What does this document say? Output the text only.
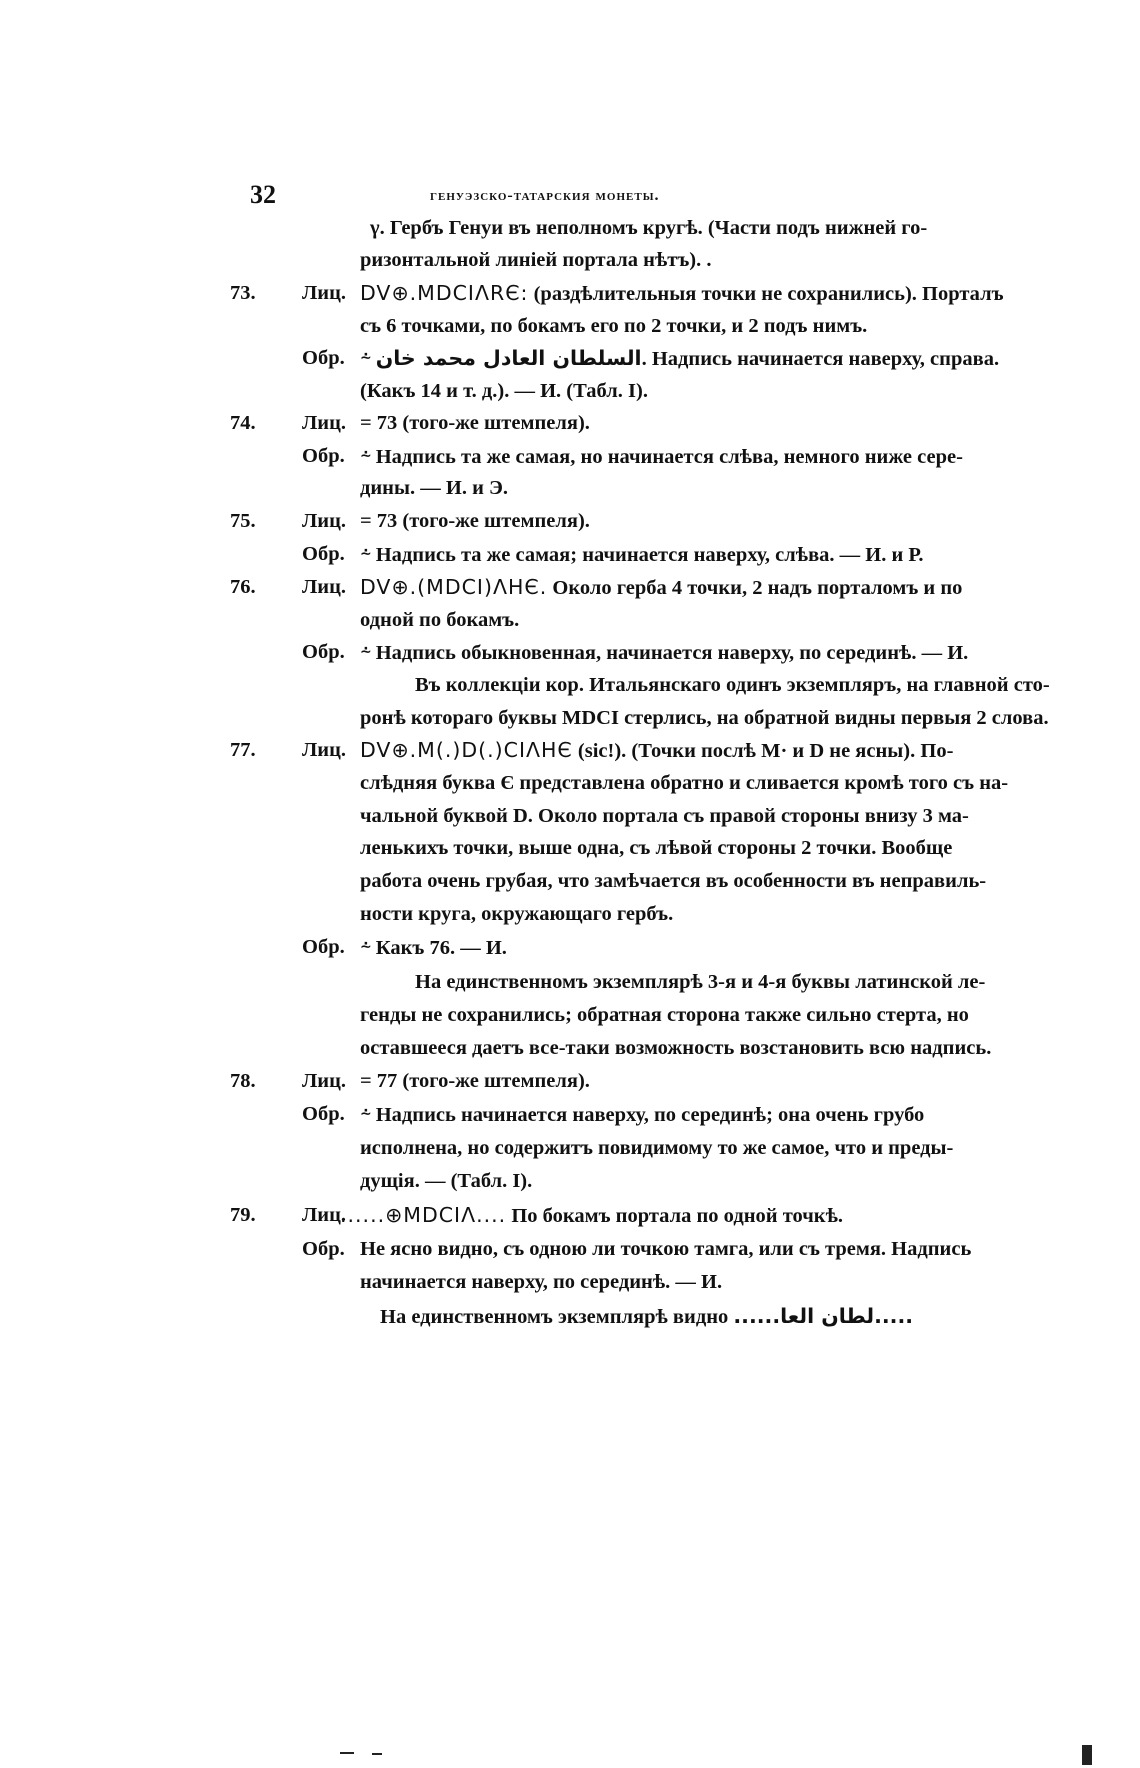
32	генуэзско-татарския монеты.
γ. Гербъ Генуи въ неполномъ кругѣ. (Части подъ нижней го-
ризонтальной линіей портала нѣтъ). .
73.	Лиц. DV⊕.MDCIΛRЄ: (раздѣлительныя точки не сохранились). Порталъ
съ 6 точками, по бокамъ его по 2 точки, и 2 подъ нимъ.
Обр. ⩪ السلطان العادل محمد خان. Надпись начинается наверху, справа.
(Какъ 14 и т. д.). — И. (Табл. I).
74.	Лиц. = 73 (того-же штемпеля).
Обр. ⩪ Надпись та же самая, но начинается слѣва, немного ниже сере-
дины. — И. и Э.
75.	Лиц. = 73 (того-же штемпеля).
Обр. ⩪ Надпись та же самая; начинается наверху, слѣва. — И. и Р.
76.	Лиц. DV⊕.(MDCI)ΛHЄ. Около герба 4 точки, 2 надъ порталомъ и по
одной по бокамъ.
Обр. ⩪ Надпись обыкновенная, начинается наверху, по серединѣ. — И.
Въ коллекціи кор. Итальянскаго одинъ экземпляръ, на главной сто-
ронѣ котораго буквы MDCI стерлись, на обратной видны первыя 2 слова.
77.	Лиц. DV⊕.M(.)D(.)CIΛHЄ (sic!). (Точки послѣ M· и D не ясны). По-
слѣдняя буква Є представлена обратно и сливается кромѣ того съ на-
чальной буквой D. Около портала съ правой стороны внизу 3 ма-
ленькихъ точки, выше одна, съ лѣвой стороны 2 точки. Вообще
работа очень грубая, что замѣчается въ особенности въ неправиль-
ности круга, окружающаго гербъ.
Обр. ⩪ Какъ 76. — И.
На единственномъ экземплярѣ 3-я и 4-я буквы латинской ле-
генды не сохранились; обратная сторона также сильно стерта, но
оставшееся даетъ все-таки возможность возстановить всю надпись.
78.	Лиц. = 77 (того-же штемпеля).
Обр. ⩪ Надпись начинается наверху, по серединѣ; она очень грубо
исполнена, но содержитъ повидимому то же самое, что и преды-
дущія. — (Табл. I).
79.	Лиц.
......⊕MDCIΛ.... По бокамъ портала по одной точкѣ.
Обр. Не ясно видно, съ одною ли точкою тамга, или съ тремя. Надпись
начинается наверху, по серединѣ. — И.
На единственномъ экземплярѣ видно ......لطان العا.....
